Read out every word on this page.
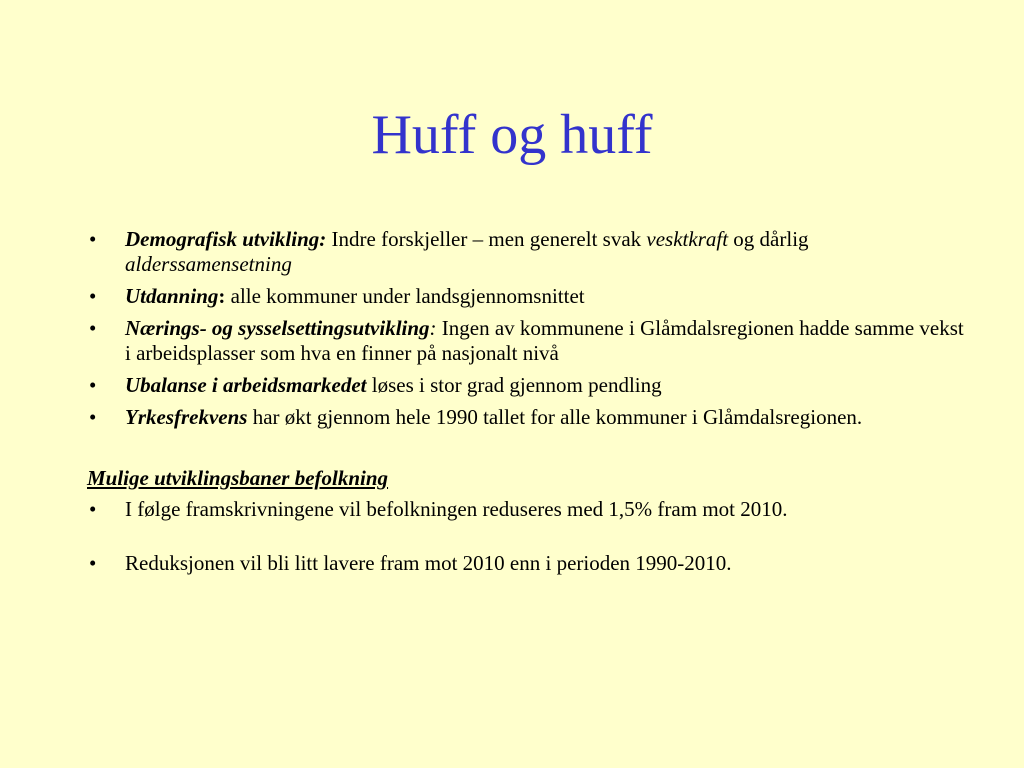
Huff og huff
• Demografisk utvikling: Indre forskjeller – men generelt svak vesktkraft og dårlig alderssamensetning
• Utdanning: alle kommuner under landsgjennomsnittet
• Nærings- og sysselsettingsutvikling: Ingen av kommunene i Glåmdalsregionen hadde samme vekst i arbeidsplasser som hva en finner på nasjonalt nivå
• Ubalanse i arbeidsmarkedet løses i stor grad gjennom pendling
• Yrkesfrekvens har økt gjennom hele 1990 tallet for alle kommuner i Glåmdalsregionen.
Mulige utviklingsbaner befolkning
• I følge framskrivningene vil befolkningen reduseres med 1,5% fram mot 2010.
• Reduksjonen vil bli litt lavere fram mot 2010 enn i perioden 1990-2010.
